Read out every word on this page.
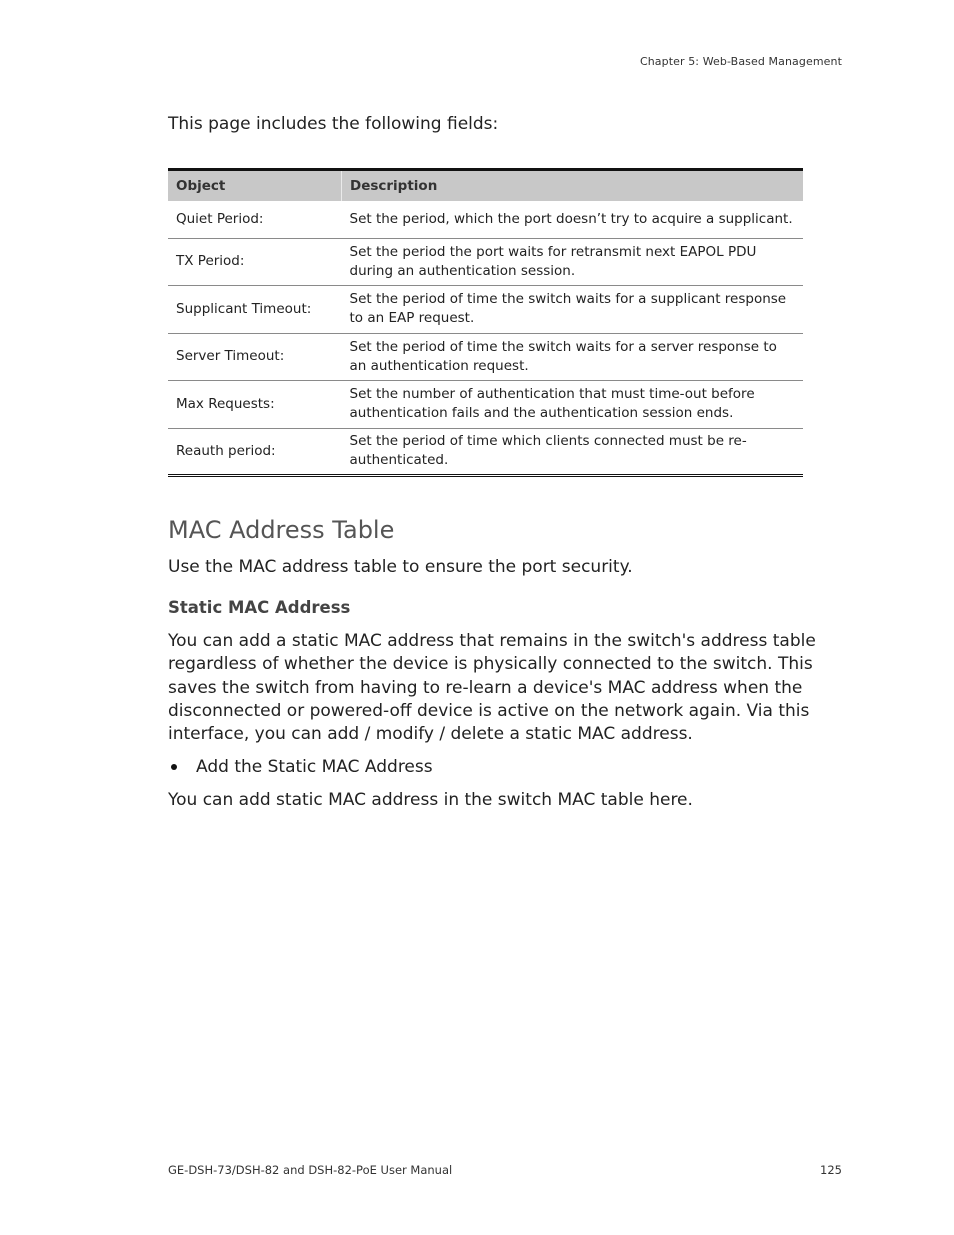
Chapter 5: Web-Based Management

This page includes the following fields:

Object	Description
Quiet Period:	Set the period, which the port doesn’t try to acquire a supplicant.
TX Period:	Set the period the port waits for retransmit next EAPOL PDU during an authentication session.
Supplicant Timeout:	Set the period of time the switch waits for a supplicant response to an EAP request.
Server Timeout:	Set the period of time the switch waits for a server response to an authentication request.
Max Requests:	Set the number of authentication that must time-out before authentication fails and the authentication session ends.
Reauth period:	Set the period of time which clients connected must be re-authenticated.
MAC Address Table

Use the MAC address table to ensure the port security.

Static MAC Address

You can add a static MAC address that remains in the switch's address table regardless of whether the device is physically connected to the switch. This saves the switch from having to re-learn a device's MAC address when the disconnected or powered-off device is active on the network again. Via this interface, you can add / modify / delete a static MAC address.

Add the Static MAC Address

You can add static MAC address in the switch MAC table here.

GE-DSH-73/DSH-82 and DSH-82-PoE User Manual	125
